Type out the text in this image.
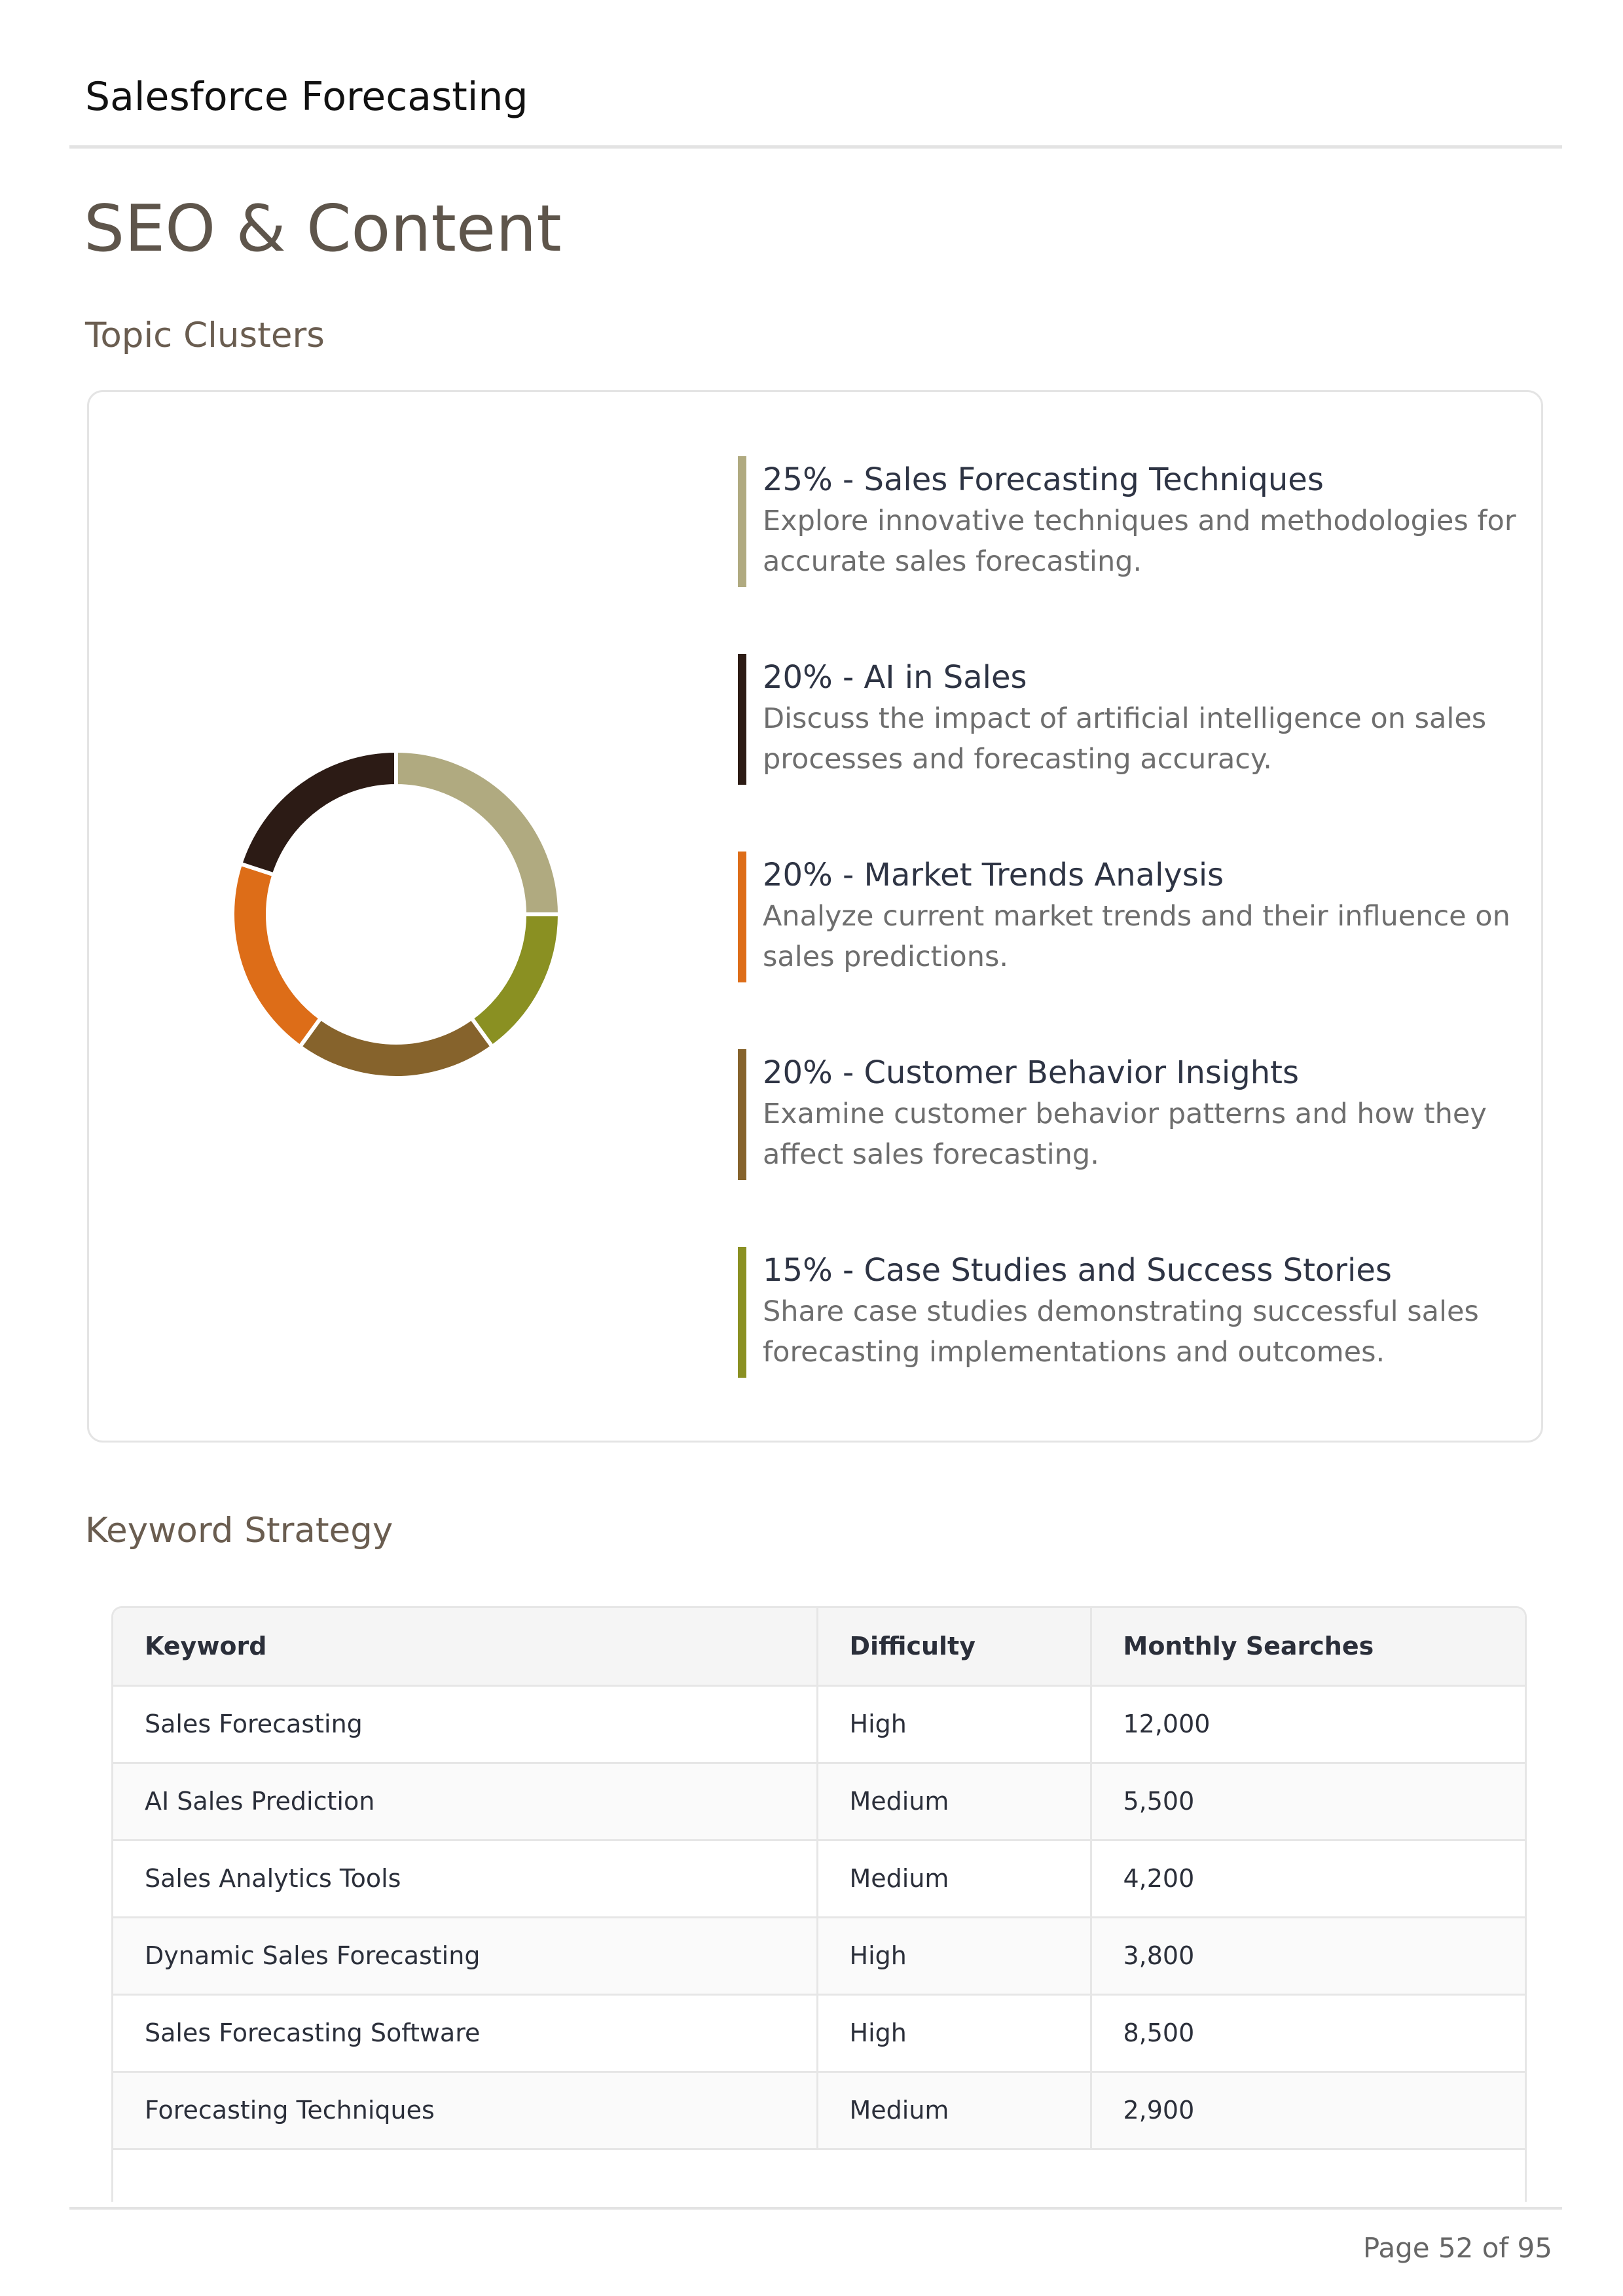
Salesforce Forecasting
SEO & Content
Topic Clusters

25% - Sales Forecasting Techniques

Explore innovative techniques and methodologies for accurate sales forecasting.

20% - AI in Sales

Discuss the impact of artificial intelligence on sales processes and forecasting accuracy.

20% - Market Trends Analysis

Analyze current market trends and their influence on sales predictions.

20% - Customer Behavior Insights

Examine customer behavior patterns and how they affect sales forecasting.

15% - Case Studies and Success Stories

Share case studies demonstrating successful sales forecasting implementations and outcomes.

Keyword Strategy
Keyword	Difficulty	Monthly Searches
Sales Forecasting	High	12,000
AI Sales Prediction	Medium	5,500
Sales Analytics Tools	Medium	4,200
Dynamic Sales Forecasting	High	3,800
Sales Forecasting Software	High	8,500
Forecasting Techniques	Medium	2,900
Page 52 of 95
